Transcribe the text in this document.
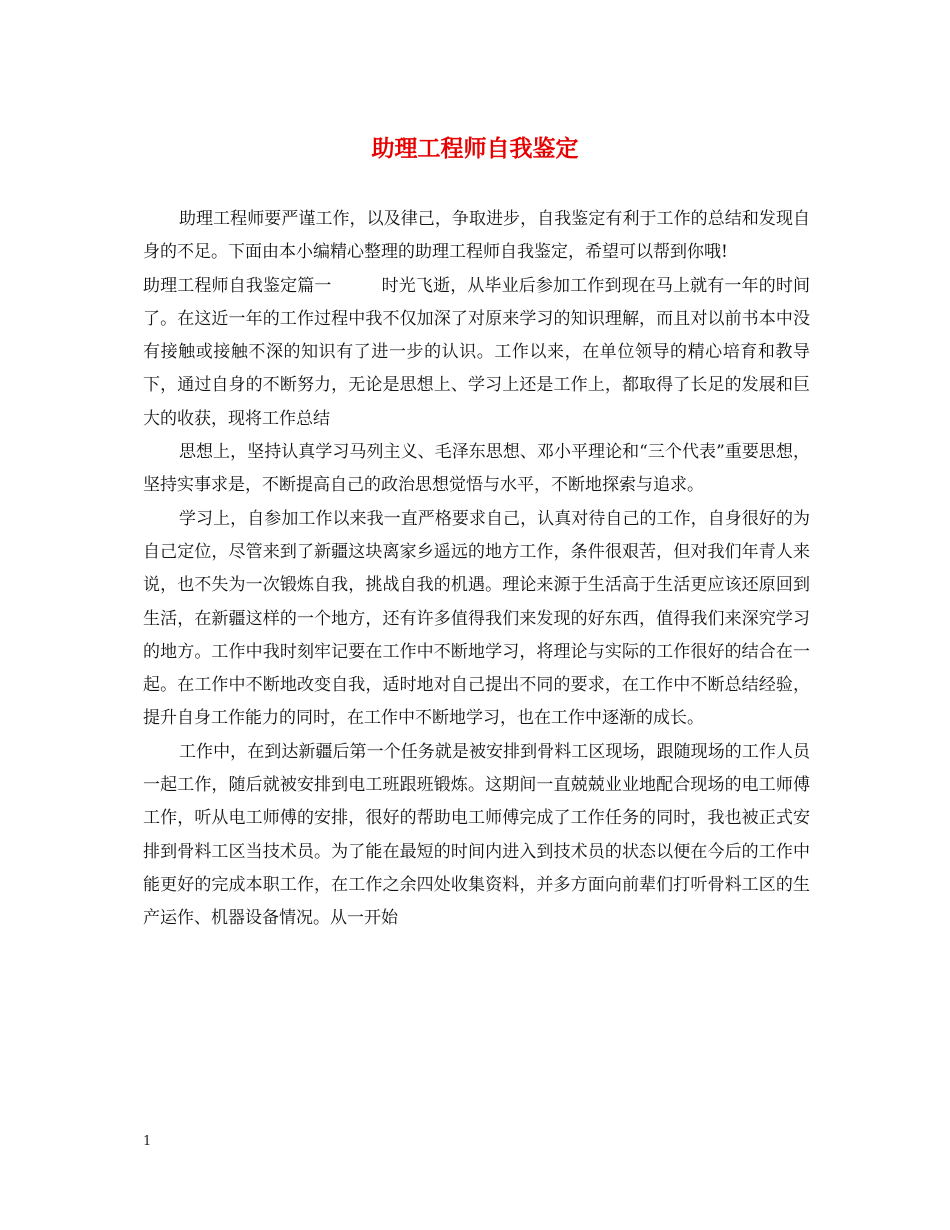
助理工程师自我鉴定

助理工程师要严谨工作，以及律己，争取进步，自我鉴定有利于工作的总结和发现自身的不足。下面由本小编精心整理的助理工程师自我鉴定，希望可以帮到你哦!

助理工程师自我鉴定篇一	时光飞逝，从毕业后参加工作到现在马上就有一年的时间了。在这近一年的工作过程中我不仅加深了对原来学习的知识理解，而且对以前书本中没有接触或接触不深的知识有了进一步的认识。工作以来，在单位领导的精心培育和教导下，通过自身的不断努力，无论是思想上、学习上还是工作上，都取得了长足的发展和巨大的收获，现将工作总结

思想上，坚持认真学习马列主义、毛泽东思想、邓小平理论和“三个代表”重要思想，坚持实事求是，不断提高自己的政治思想觉悟与水平，不断地探索与追求。

学习上，自参加工作以来我一直严格要求自己，认真对待自己的工作，自身很好的为自己定位，尽管来到了新疆这块离家乡遥远的地方工作，条件很艰苦，但对我们年青人来说，也不失为一次锻炼自我，挑战自我的机遇。理论来源于生活高于生活更应该还原回到生活，在新疆这样的一个地方，还有许多值得我们来发现的好东西，值得我们来深究学习的地方。工作中我时刻牢记要在工作中不断地学习，将理论与实际的工作很好的结合在一起。在工作中不断地改变自我，适时地对自己提出不同的要求，在工作中不断总结经验，提升自身工作能力的同时，在工作中不断地学习，也在工作中逐渐的成长。

工作中，在到达新疆后第一个任务就是被安排到骨料工区现场，跟随现场的工作人员一起工作，随后就被安排到电工班跟班锻炼。这期间一直兢兢业业地配合现场的电工师傅工作，听从电工师傅的安排，很好的帮助电工师傅完成了工作任务的同时，我也被正式安排到骨料工区当技术员。为了能在最短的时间内进入到技术员的状态以便在今后的工作中能更好的完成本职工作，在工作之余四处收集资料，并多方面向前辈们打听骨料工区的生产运作、机器设备情况。从一开始

1
